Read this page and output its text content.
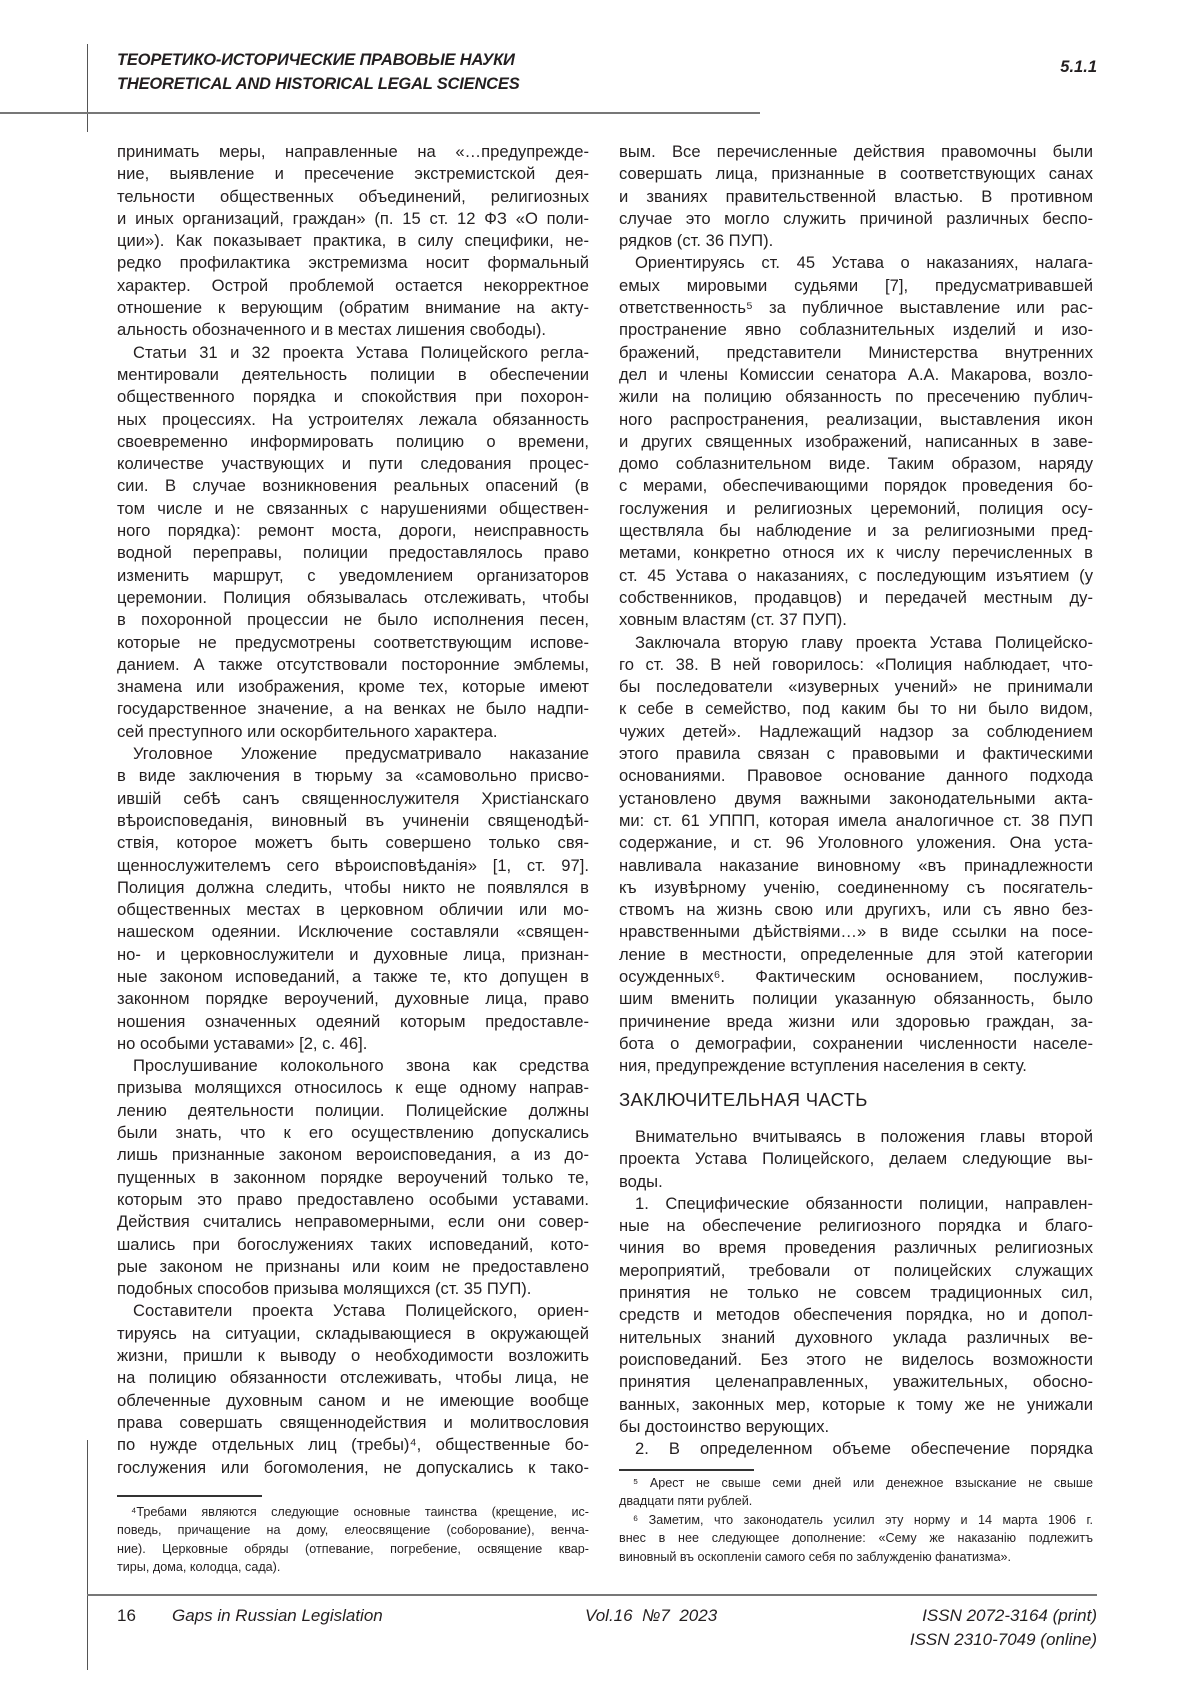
ТЕОРЕТИКО-ИСТОРИЧЕСКИЕ ПРАВОВЫЕ НАУКИ
THEORETICAL AND HISTORICAL LEGAL SCIENCES
5.1.1
принимать меры, направленные на «…предупрежде-
ние, выявление и пресечение экстремистской дея-
тельности общественных объединений, религиозных
и иных организаций, граждан» (п. 15 ст. 12 ФЗ «О поли-
ции»). Как показывает практика, в силу специфики, не-
редко профилактика экстремизма носит формальный
характер. Острой проблемой остается некорректное
отношение к верующим (обратим внимание на акту-
альность обозначенного и в местах лишения свободы).
Статьи 31 и 32 проекта Устава Полицейского регла-
ментировали деятельность полиции в обеспечении
общественного порядка и спокойствия при похорон-
ных процессиях. На устроителях лежала обязанность
своевременно информировать полицию о времени,
количестве участвующих и пути следования процес-
сии. В случае возникновения реальных опасений (в
том числе и не связанных с нарушениями обществен-
ного порядка): ремонт моста, дороги, неисправность
водной переправы, полиции предоставлялось право
изменить маршрут, с уведомлением организаторов
церемонии. Полиция обязывалась отслеживать, чтобы
в похоронной процессии не было исполнения песен,
которые не предусмотрены соответствующим испове-
данием. А также отсутствовали посторонние эмблемы,
знамена или изображения, кроме тех, которые имеют
государственное значение, а на венках не было надпи-
сей преступного или оскорбительного характера.
Уголовное Уложение предусматривало наказание
в виде заключения в тюрьму за «самовольно присво-
ившій себѣ санъ священнослужителя Христіанскаго
вѣроисповеданія, виновный въ учиненіи священодѣй-
ствія, которое можетъ быть совершено только свя-
щеннослужителемъ сего вѣроисповѣданія» [1, ст. 97].
Полиция должна следить, чтобы никто не появлялся в
общественных местах в церковном обличии или мо-
нашеском одеянии. Исключение составляли «священ-
но- и церковнослужители и духовные лица, признан-
ные законом исповеданий, а также те, кто допущен в
законном порядке вероучений, духовные лица, право
ношения означенных одеяний которым предоставле-
но особыми уставами» [2, с. 46].
Прослушивание колокольного звона как средства
призыва молящихся относилось к еще одному направ-
лению деятельности полиции. Полицейские должны
были знать, что к его осуществлению допускались
лишь признанные законом вероисповедания, а из до-
пущенных в законном порядке вероучений только те,
которым это право предоставлено особыми уставами.
Действия считались неправомерными, если они совер-
шались при богослужениях таких исповеданий, кото-
рые законом не признаны или коим не предоставлено
подобных способов призыва молящихся (ст. 35 ПУП).
Составители проекта Устава Полицейского, ориен-
тируясь на ситуации, складывающиеся в окружающей
жизни, пришли к выводу о необходимости возложить
на полицию обязанности отслеживать, чтобы лица, не
облеченные духовным саном и не имеющие вообще
права совершать священнодействия и молитвословия
по нужде отдельных лиц (требы)⁴, общественные бо-
гослужения или богомоления, не допускались к тако-
вым. Все перечисленные действия правомочны были
совершать лица, признанные в соответствующих санах
и званиях правительственной властью. В противном
случае это могло служить причиной различных беспо-
рядков (ст. 36 ПУП).
Ориентируясь ст. 45 Устава о наказаниях, налага-
емых мировыми судьями [7], предусматривавшей
ответственность⁵ за публичное выставление или рас-
пространение явно соблазнительных изделий и изо-
бражений, представители Министерства внутренних
дел и члены Комиссии сенатора А.А. Макарова, возло-
жили на полицию обязанность по пресечению публич-
ного распространения, реализации, выставления икон
и других священных изображений, написанных в заве-
домо соблазнительном виде. Таким образом, наряду
с мерами, обеспечивающими порядок проведения бо-
гослужения и религиозных церемоний, полиция осу-
ществляла бы наблюдение и за религиозными пред-
метами, конкретно относя их к числу перечисленных в
ст. 45 Устава о наказаниях, с последующим изъятием (у
собственников, продавцов) и передачей местным ду-
ховным властям (ст. 37 ПУП).
Заключала вторую главу проекта Устава Полицейско-
го ст. 38. В ней говорилось: «Полиция наблюдает, что-
бы последователи «изуверных учений» не принимали
к себе в семейство, под каким бы то ни было видом,
чужих детей». Надлежащий надзор за соблюдением
этого правила связан с правовыми и фактическими
основаниями. Правовое основание данного подхода
установлено двумя важными законодательными акта-
ми: ст. 61 УППП, которая имела аналогичное ст. 38 ПУП
содержание, и ст. 96 Уголовного уложения. Она уста-
навливала наказание виновному «въ принадлежности
къ изувѣрному ученію, соединенному съ посягатель-
ствомъ на жизнь свою или другихъ, или съ явно без-
нравственными дѣйствіями…» в виде ссылки на посе-
ление в местности, определенные для этой категории
осужденных⁶. Фактическим основанием, послужив-
шим вменить полиции указанную обязанность, было
причинение вреда жизни или здоровью граждан, за-
бота о демографии, сохранении численности населе-
ния, предупреждение вступления населения в секту.
ЗАКЛЮЧИТЕЛЬНАЯ ЧАСТЬ
Внимательно вчитываясь в положения главы второй
проекта Устава Полицейского, делаем следующие вы-
воды.
1. Специфические обязанности полиции, направлен-
ные на обеспечение религиозного порядка и благо-
чиния во время проведения различных религиозных
мероприятий, требовали от полицейских служащих
принятия не только не совсем традиционных сил,
средств и методов обеспечения порядка, но и допол-
нительных знаний духовного уклада различных ве-
роисповеданий. Без этого не виделось возможности
принятия целенаправленных, уважительных, обосно-
ванных, законных мер, которые к тому же не унижали
бы достоинство верующих.
2. В определенном объеме обеспечение порядка
⁴Требами являются следующие основные таинства (крещение, ис-
поведь, причащение на дому, елеосвящение (соборование), венча-
ние). Церковные обряды (отпевание, погребение, освящение квар-
тиры, дома, колодца, сада).
⁵ Арест не свыше семи дней или денежное взыскание не свыше
двадцати пяти рублей.
⁶ Заметим, что законодатель усилил эту норму и 14 марта 1906 г.
внес в нее следующее дополнение: «Сему же наказанію подлежитъ
виновный въ оскопленіи самого себя по заблужденію фанатизма».
16 Gaps in Russian Legislation	Vol.16  №7  2023	ISSN 2072-3164 (print)
ISSN 2310-7049 (online)
